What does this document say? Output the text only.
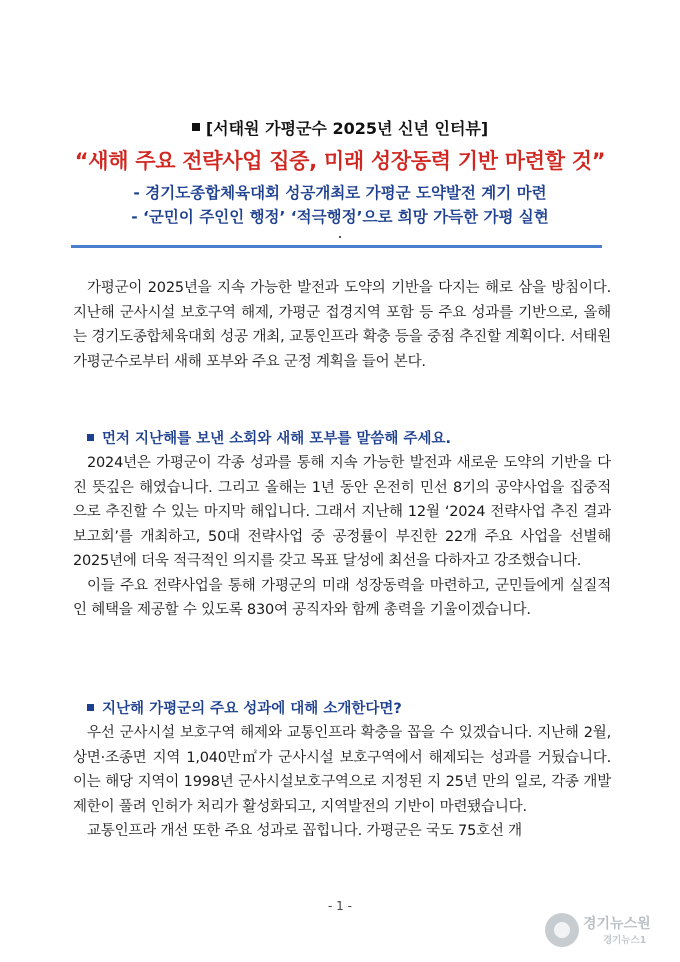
[서태원 가평군수 2025년 신년 인터뷰]
“새해 주요 전략사업 집중, 미래 성장동력 기반 마련할 것”
- 경기도종합체육대회 성공개최로 가평군 도약발전 계기 마련
- ‘군민이 주인인 행정’ ‘적극행정’으로 희망 가득한 가평 실현

가평군이 2025년을 지속 가능한 발전과 도약의 기반을 다지는 해로 삼을 방침이다. 지난해 군사시설 보호구역 해제, 가평군 접경지역 포함 등 주요 성과를 기반으로, 올해는 경기도종합체육대회 성공 개최, 교통인프라 확충 등을 중점 추진할 계획이다. 서태원 가평군수로부터 새해 포부와 주요 군정 계획을 들어 본다.

먼저 지난해를 보낸 소회와 새해 포부를 말씀해 주세요.

2024년은 가평군이 각종 성과를 통해 지속 가능한 발전과 새로운 도약의 기반을 다진 뜻깊은 해였습니다. 그리고 올해는 1년 동안 온전히 민선 8기의 공약사업을 집중적으로 추진할 수 있는 마지막 해입니다. 그래서 지난해 12월 ‘2024 전략사업 추진 결과 보고회’를 개최하고, 50대 전략사업 중 공정률이 부진한 22개 주요 사업을 선별해 2025년에 더욱 적극적인 의지를 갖고 목표 달성에 최선을 다하자고 강조했습니다.

이들 주요 전략사업을 통해 가평군의 미래 성장동력을 마련하고, 군민들에게 실질적인 혜택을 제공할 수 있도록 830여 공직자와 함께 총력을 기울이겠습니다.

지난해 가평군의 주요 성과에 대해 소개한다면?

우선 군사시설 보호구역 해제와 교통인프라 확충을 꼽을 수 있겠습니다. 지난해 2월, 상면·조종면 지역 1,040만㎡가 군사시설 보호구역에서 해제되는 성과를 거뒀습니다. 이는 해당 지역이 1998년 군사시설보호구역으로 지정된 지 25년 만의 일로, 각종 개발 제한이 풀려 인허가 처리가 활성화되고, 지역발전의 기반이 마련됐습니다.

교통인프라 개선 또한 주요 성과로 꼽힙니다. 가평군은 국도 75호선 개

- 1 -
경기뉴스원
경기뉴스1
